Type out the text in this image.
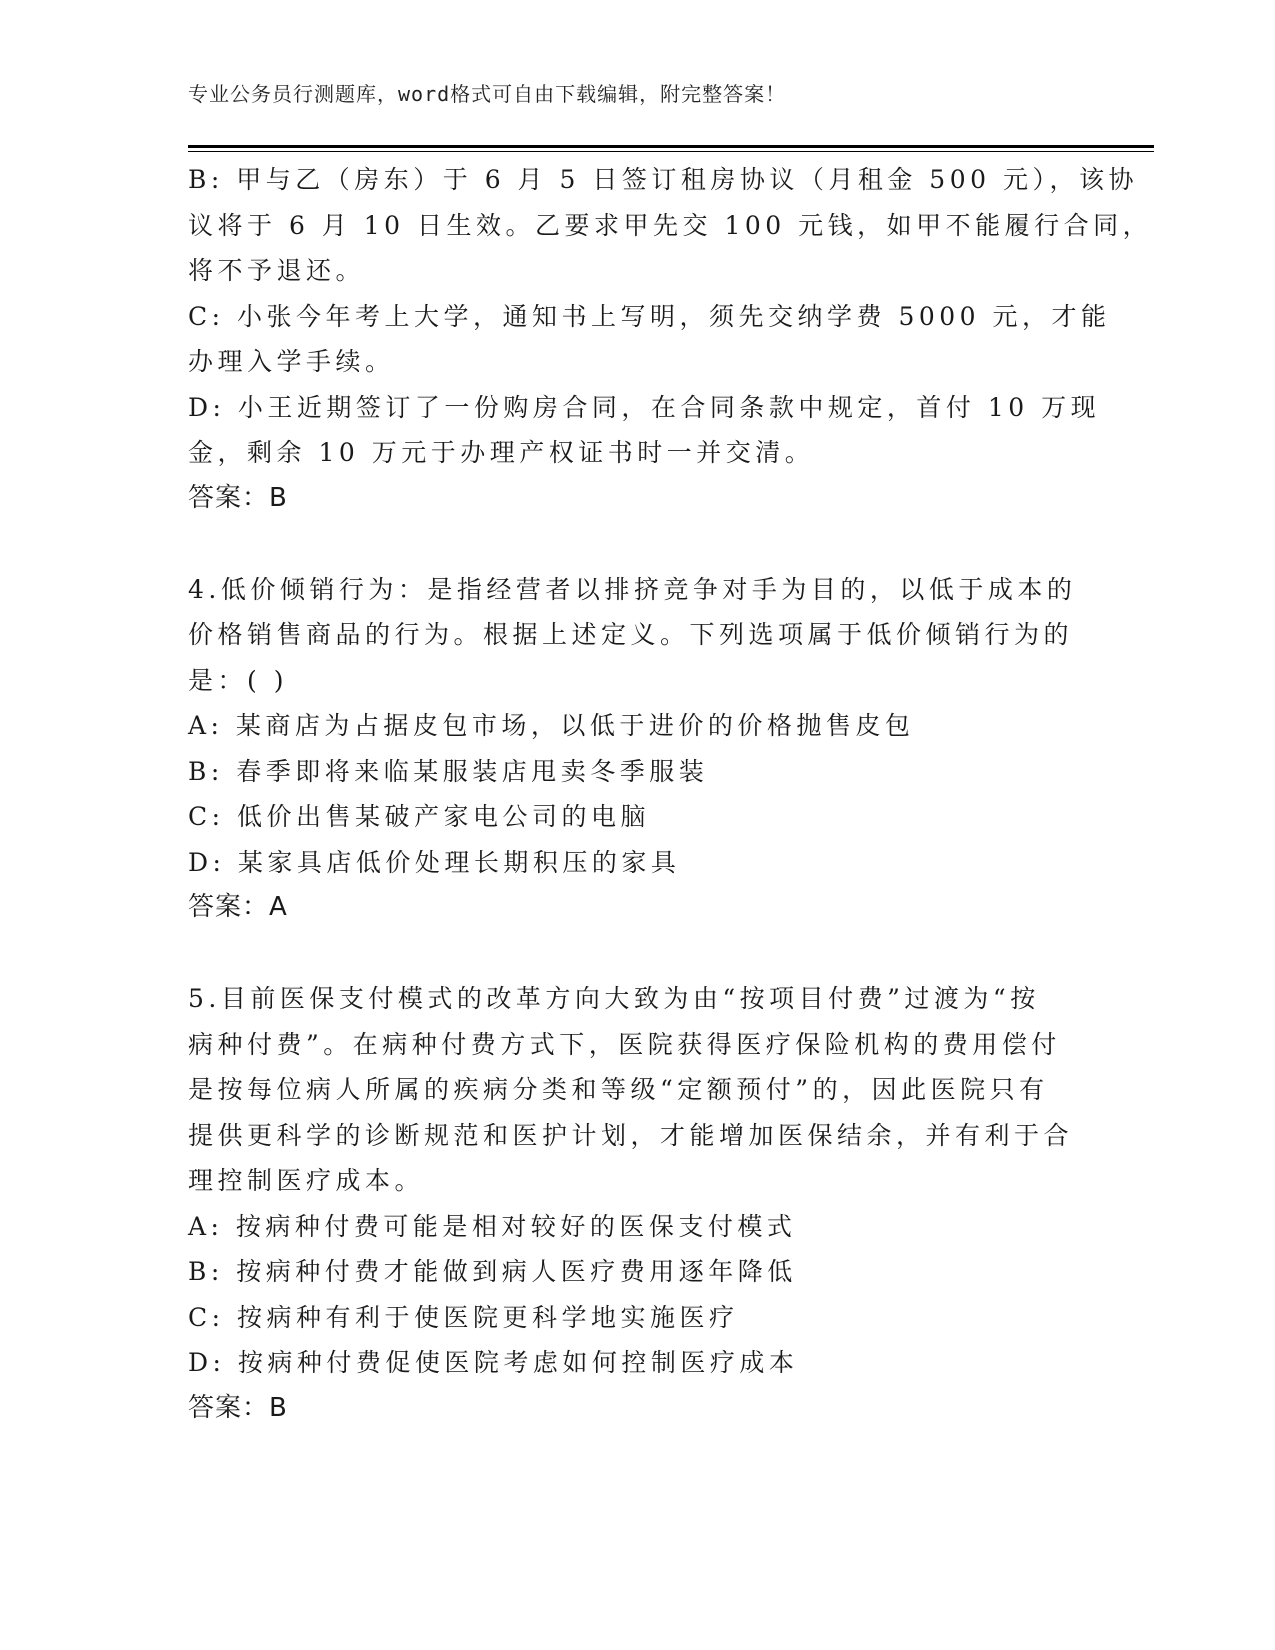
专业公务员行测题库，word格式可自由下载编辑，附完整答案！
B: 甲与乙（房东）于 6 月 5 日签订租房协议（月租金 500 元），该协
议将于 6 月 10 日生效。乙要求甲先交 100 元钱，如甲不能履行合同，
将不予退还。
C: 小张今年考上大学，通知书上写明，须先交纳学费 5000 元，才能
办理入学手续。
D: 小王近期签订了一份购房合同，在合同条款中规定，首付 10 万现
金，剩余 10 万元于办理产权证书时一并交清。
答案：B
4.低价倾销行为：是指经营者以排挤竞争对手为目的，以低于成本的
价格销售商品的行为。根据上述定义。下列选项属于低价倾销行为的
是：( )
A: 某商店为占据皮包市场，以低于进价的价格抛售皮包
B: 春季即将来临某服装店甩卖冬季服装
C: 低价出售某破产家电公司的电脑
D: 某家具店低价处理长期积压的家具
答案：A
5.目前医保支付模式的改革方向大致为由“按项目付费”过渡为“按
病种付费”。在病种付费方式下，医院获得医疗保险机构的费用偿付
是按每位病人所属的疾病分类和等级“定额预付”的，因此医院只有
提供更科学的诊断规范和医护计划，才能增加医保结余，并有利于合
理控制医疗成本。
A: 按病种付费可能是相对较好的医保支付模式
B: 按病种付费才能做到病人医疗费用逐年降低
C: 按病种有利于使医院更科学地实施医疗
D: 按病种付费促使医院考虑如何控制医疗成本
答案：B
